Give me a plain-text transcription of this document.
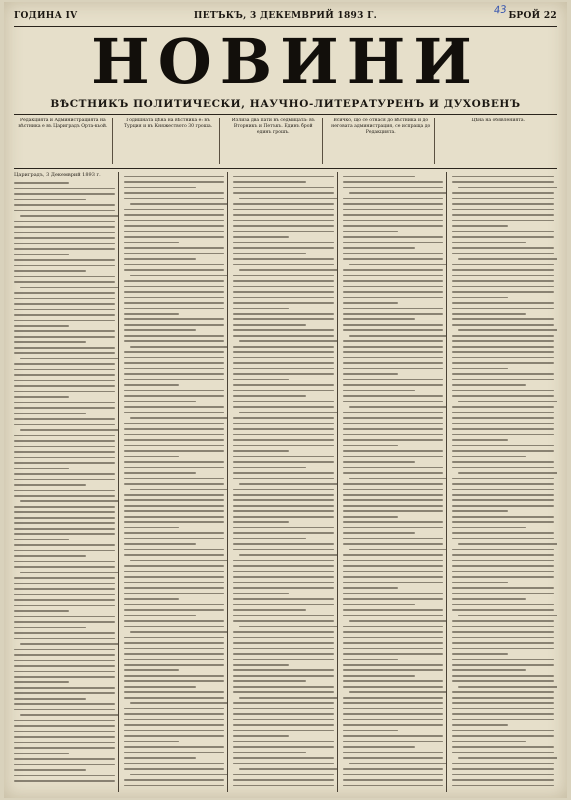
ГОДИНА IV	ПЕТЪКЪ, 3 ДЕКЕМВРИЙ 1893 Г.	БРОЙ 22
43
НОВИНИ
ВѢСТНИКЪ ПОЛИТИЧЕСКИ, НАУЧНО-ЛИТЕРАТУРЕНЪ И ДУХОВЕНЪ
Редакцията и Администрацията на вѣстника е въ Цариградъ Орта-кьой.
Годишната цѣна на вѣстника е: въ Турция и въ Княжеството 30 гроша.
Излиза два пати въ седмицата: въ Вторникъ и Петъкъ. Единъ брой единъ грошъ.
Всичко, що се отнася до вѣстника и до неговата администрация, се испраща до Редакцията.
Цѣна на обявленията.

Цариградъ, 3 Декемврий 1893 г.
